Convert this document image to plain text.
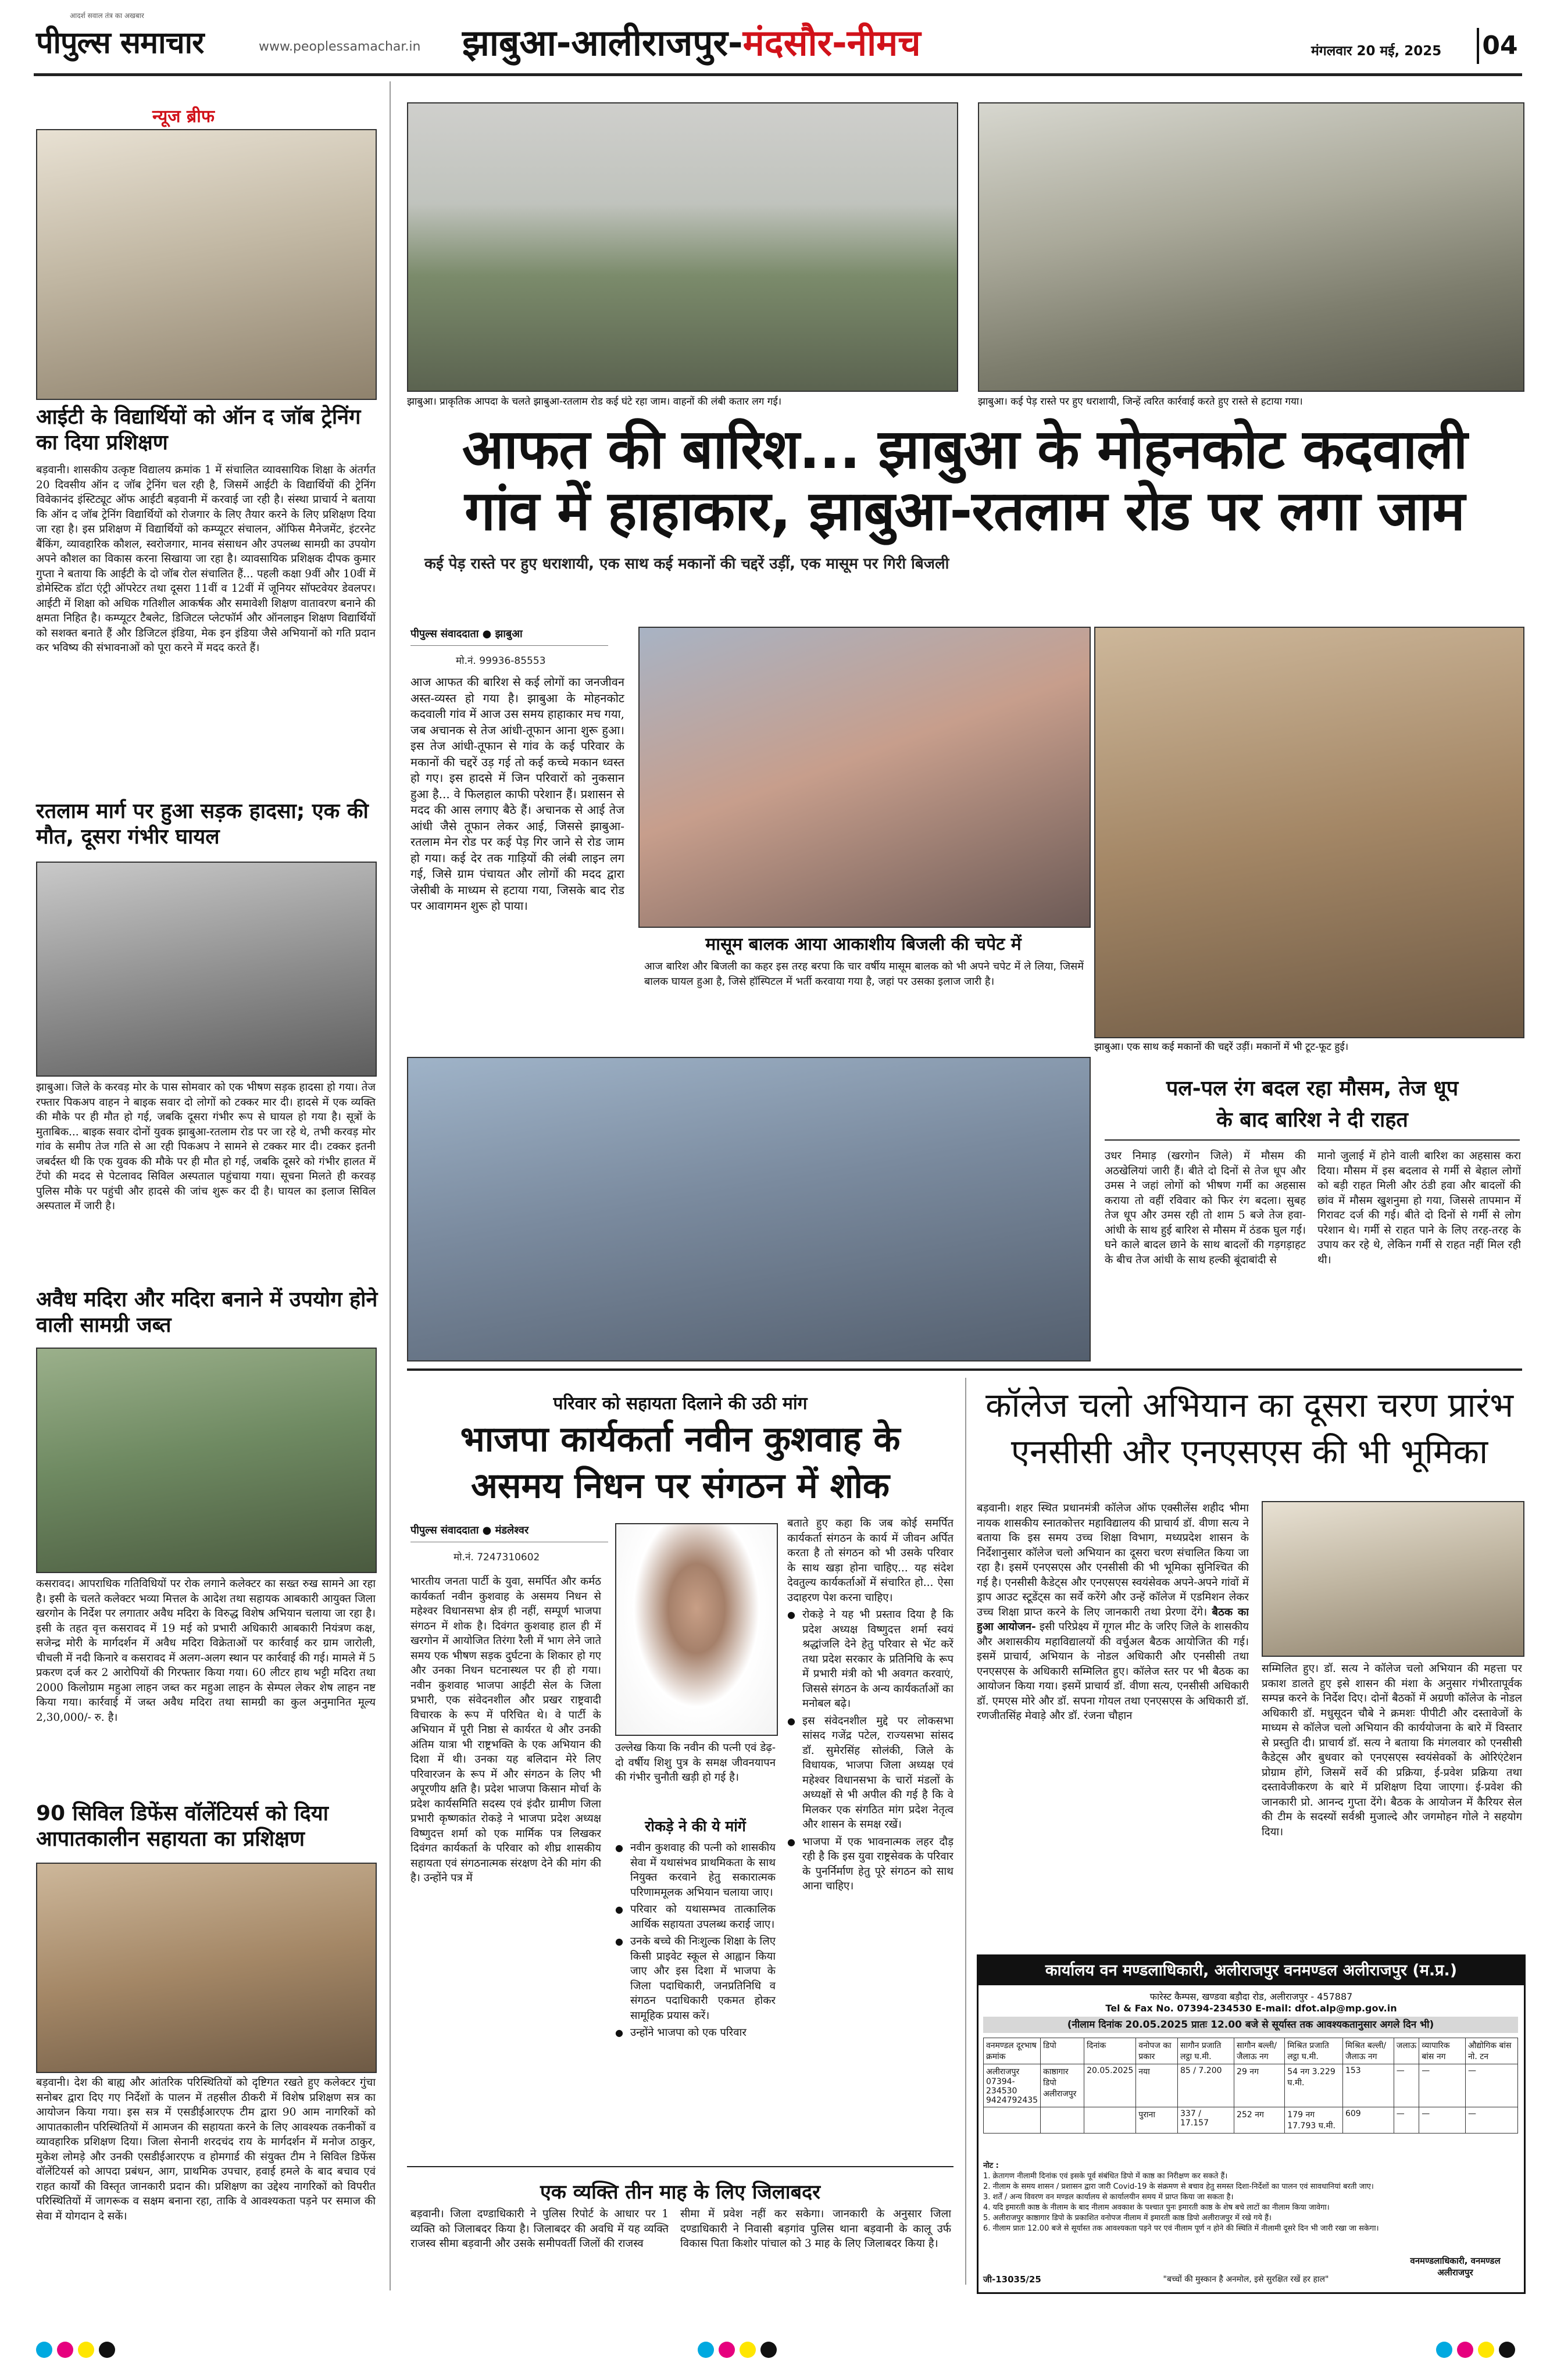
आदर्श सवाल तंत्र का अखबार
पीपुल्स समाचार	www.peoplessamachar.in झाबुआ-आलीराजपुर-मंदसौर-नीमच	मंगलवार 20 मई, 2025 04
न्यूज ब्रीफ
आईटी के विद्यार्थियों को ऑन द जॉब ट्रेनिंग का दिया प्रशिक्षण
बड़वानी। शासकीय उत्कृष्ट विद्यालय क्रमांक 1 में संचालित व्यावसायिक शिक्षा के अंतर्गत 20 दिवसीय ऑन द जॉब ट्रेनिंग चल रही है, जिसमें आईटी के विद्यार्थियों की ट्रेनिंग विवेकानंद इंस्टिट्यूट ऑफ आईटी बड़वानी में करवाई जा रही है। संस्था प्राचार्य ने बताया कि ऑन द जॉब ट्रेनिंग विद्यार्थियों को रोजगार के लिए तैयार करने के लिए प्रशिक्षण दिया जा रहा है। इस प्रशिक्षण में विद्यार्थियों को कम्प्यूटर संचालन, ऑफिस मैनेजमेंट, इंटरनेट बैंकिंग, व्यावहारिक कौशल, स्वरोजगार, मानव संसाधन और उपलब्ध सामग्री का उपयोग अपने कौशल का विकास करना सिखाया जा रहा है। व्यावसायिक प्रशिक्षक दीपक कुमार गुप्ता ने बताया कि आईटी के दो जॉब रोल संचालित हैं... पहली कक्षा 9वीं और 10वीं में डोमेस्टिक डॉटा एंट्री ऑपरेटर तथा दूसरा 11वीं व 12वीं में जूनियर सॉफ्टवेयर डेवलपर। आईटी में शिक्षा को अधिक गतिशील आकर्षक और समावेशी शिक्षण वातावरण बनाने की क्षमता निहित है। कम्प्यूटर टैबलेट, डिजिटल प्लेटफॉर्म और ऑनलाइन शिक्षण विद्यार्थियों को सशक्त बनाते हैं और डिजिटल इंडिया, मेक इन इंडिया जैसे अभियानों को गति प्रदान कर भविष्य की संभावनाओं को पूरा करने में मदद करते हैं।
रतलाम मार्ग पर हुआ सड़क हादसा; एक की मौत, दूसरा गंभीर घायल
झाबुआ। जिले के करवड़ मोर के पास सोमवार को एक भीषण सड़क हादसा हो गया। तेज रफ्तार पिकअप वाहन ने बाइक सवार दो लोगों को टक्कर मार दी। हादसे में एक व्यक्ति की मौके पर ही मौत हो गई, जबकि दूसरा गंभीर रूप से घायल हो गया है। सूत्रों के मुताबिक... बाइक सवार दोनों युवक झाबुआ-रतलाम रोड पर जा रहे थे, तभी करवड़ मोर गांव के समीप तेज गति से आ रही पिकअप ने सामने से टक्कर मार दी। टक्कर इतनी जबर्दस्त थी कि एक युवक की मौके पर ही मौत हो गई, जबकि दूसरे को गंभीर हालत में टेंपो की मदद से पेटलावद सिविल अस्पताल पहुंचाया गया। सूचना मिलते ही करवड़ पुलिस मौके पर पहुंची और हादसे की जांच शुरू कर दी है। घायल का इलाज सिविल अस्पताल में जारी है।
अवैध मदिरा और मदिरा बनाने में उपयोग होने वाली सामग्री जब्त
कसरावद। आपराधिक गतिविधियों पर रोक लगाने कलेक्टर का सख्त रुख सामने आ रहा है। इसी के चलते कलेक्टर भव्या मित्तल के आदेश तथा सहायक आबकारी आयुक्त जिला खरगोन के निर्देश पर लगातार अवैध मदिरा के विरुद्ध विशेष अभियान चलाया जा रहा है। इसी के तहत वृत्त कसरावद में 19 मई को प्रभारी अधिकारी आबकारी नियंत्रण कक्ष, सजेन्द्र मोरी के मार्गदर्शन में अवैध मदिरा विक्रेताओं पर कार्रवाई कर ग्राम जारोली, चीचली में नदी किनारे व कसरावद में अलग-अलग स्थान पर कार्रवाई की गई। मामले में 5 प्रकरण दर्ज कर 2 आरोपियों की गिरफ्तार किया गया। 60 लीटर हाथ भट्टी मदिरा तथा 2000 किलोग्राम महुआ लाहन जब्त कर महुआ लाहन के सेम्पल लेकर शेष लाहन नष्ट किया गया। कार्रवाई में जब्त अवैध मदिरा तथा सामग्री का कुल अनुमानित मूल्य 2,30,000/- रु. है।
90 सिविल डिफेंस वॉलेंटियर्स को दिया आपातकालीन सहायता का प्रशिक्षण
बड़वानी। देश की बाह्य और आंतरिक परिस्थितियों को दृष्टिगत रखते हुए कलेक्टर गुंचा सनोबर द्वारा दिए गए निर्देशों के पालन में तहसील ठीकरी में विशेष प्रशिक्षण सत्र का आयोजन किया गया। इस सत्र में एसडीईआरएफ टीम द्वारा 90 आम नागरिकों को आपातकालीन परिस्थितियों में आमजन की सहायता करने के लिए आवश्यक तकनीकों व व्यावहारिक प्रशिक्षण दिया। जिला सेनानी शरदचंद राय के मार्गदर्शन में मनोज ठाकुर, मुकेश लोमड़े और उनकी एसडीईआरएफ व होमगार्ड की संयुक्त टीम ने सिविल डिफेंस वॉलेंटियर्स को आपदा प्रबंधन, आग, प्राथमिक उपचार, हवाई हमले के बाद बचाव एवं राहत कार्यों की विस्तृत जानकारी प्रदान की। प्रशिक्षण का उद्देश्य नागरिकों को विपरीत परिस्थितियों में जागरूक व सक्षम बनाना रहा, ताकि वे आवश्यकता पड़ने पर समाज की सेवा में योगदान दे सकें।
झाबुआ। प्राकृतिक आपदा के चलते झाबुआ-रतलाम रोड कई घंटे रहा जाम। वाहनों की लंबी कतार लग गई।	झाबुआ। कई पेड़ रास्ते पर हुए धराशायी, जिन्हें त्वरित कार्रवाई करते हुए रास्ते से हटाया गया।
आफत की बारिश... झाबुआ के मोहनकोट कदवाली
गांव में हाहाकार, झाबुआ-रतलाम रोड पर लगा जाम
कई पेड़ रास्ते पर हुए धराशायी, एक साथ कई मकानों की चद्दरें उड़ीं, एक मासूम पर गिरी बिजली
पीपुल्स संवाददाता ● झाबुआ
मो.नं. 99936-85553
आज आफत की बारिश से कई लोगों का जनजीवन अस्त-व्यस्त हो गया है। झाबुआ के मोहनकोट कदवाली गांव में आज उस समय हाहाकार मच गया, जब अचानक से तेज आंधी-तूफान आना शुरू हुआ। इस तेज आंधी-तूफान से गांव के कई परिवार के मकानों की चद्दरें उड़ गई तो कई कच्चे मकान ध्वस्त हो गए। इस हादसे में जिन परिवारों को नुकसान हुआ है... वे फिलहाल काफी परेशान हैं। प्रशासन से मदद की आस लगाए बैठे हैं। अचानक से आई तेज आंधी जैसे तूफान लेकर आई, जिससे झाबुआ-रतलाम मेन रोड पर कई पेड़ गिर जाने से रोड जाम हो गया। कई देर तक गाड़ियों की लंबी लाइन लग गई, जिसे ग्राम पंचायत और लोगों की मदद द्वारा जेसीबी के माध्यम से हटाया गया, जिसके बाद रोड पर आवागमन शुरू हो पाया।
मासूम बालक आया आकाशीय बिजली की चपेट में
आज बारिश और बिजली का कहर इस तरह बरपा कि चार वर्षीय मासूम बालक को भी अपने चपेट में ले लिया, जिसमें बालक घायल हुआ है, जिसे हॉस्पिटल में भर्ती करवाया गया है, जहां पर उसका इलाज जारी है।
झाबुआ। एक साथ कई मकानों की चद्दरें उड़ीं। मकानों में भी टूट-फूट हुई।
पल-पल रंग बदल रहा मौसम, तेज धूप
के बाद बारिश ने दी राहत
उधर निमाड़ (खरगोन जिले) में मौसम की अठखेलियां जारी हैं। बीते दो दिनों से तेज धूप और उमस ने जहां लोगों को भीषण गर्मी का अहसास कराया तो वहीं रविवार को फिर रंग बदला। सुबह तेज धूप और उमस रही तो शाम 5 बजे तेज हवा-आंधी के साथ हुई बारिश से मौसम में ठंडक घुल गई। घने काले बादल छाने के साथ बादलों की गड़गड़ाहट के बीच तेज आंधी के साथ हल्की बूंदाबांदी से
मानो जुलाई में होने वाली बारिश का अहसास करा दिया। मौसम में इस बदलाव से गर्मी से बेहाल लोगों को बड़ी राहत मिली और ठंडी हवा और बादलों की छांव में मौसम खुशनुमा हो गया, जिससे तापमान में गिरावट दर्ज की गई। बीते दो दिनों से गर्मी से लोग परेशान थे। गर्मी से राहत पाने के लिए तरह-तरह के उपाय कर रहे थे, लेकिन गर्मी से राहत नहीं मिल रही थी।
परिवार को सहायता दिलाने की उठी मांग
भाजपा कार्यकर्ता नवीन कुशवाह के
असमय निधन पर संगठन में शोक
पीपुल्स संवाददाता ● मंडलेश्वर
मो.नं. 7247310602
भारतीय जनता पार्टी के युवा, समर्पित और कर्मठ कार्यकर्ता नवीन कुशवाह के असमय निधन से महेश्वर विधानसभा क्षेत्र ही नहीं, सम्पूर्ण भाजपा संगठन में शोक है। दिवंगत कुशवाह हाल ही में खरगोन में आयोजित तिरंगा रैली में भाग लेने जाते समय एक भीषण सड़क दुर्घटना के शिकार हो गए और उनका निधन घटनास्थल पर ही हो गया। नवीन कुशवाह भाजपा आईटी सेल के जिला प्रभारी, एक संवेदनशील और प्रखर राष्ट्रवादी विचारक के रूप में परिचित थे। वे पार्टी के अभियान में पूरी निष्ठा से कार्यरत थे और उनकी अंतिम यात्रा भी राष्ट्रभक्ति के एक अभियान की दिशा में थी। उनका यह बलिदान मेरे लिए परिवारजन के रूप में और संगठन के लिए भी अपूरणीय क्षति है। प्रदेश भाजपा किसान मोर्चा के प्रदेश कार्यसमिति सदस्य एवं इंदौर ग्रामीण जिला प्रभारी कृष्णकांत रोकड़े ने भाजपा प्रदेश अध्यक्ष विष्णुदत्त शर्मा को एक मार्मिक पत्र लिखकर दिवंगत कार्यकर्ता के परिवार को शीघ्र शासकीय सहायता एवं संगठनात्मक संरक्षण देने की मांग की है। उन्होंने पत्र में
उल्लेख किया कि नवीन की पत्नी एवं डेढ़-दो वर्षीय शिशु पुत्र के समक्ष जीवनयापन की गंभीर चुनौती खड़ी हो गई है।
रोकड़े ने की ये मांगें
● नवीन कुशवाह की पत्नी को शासकीय सेवा में यथासंभव प्राथमिकता के साथ नियुक्त करवाने हेतु सकारात्मक परिणाममूलक अभियान चलाया जाए।
● परिवार को यथासम्भव तात्कालिक आर्थिक सहायता उपलब्ध कराई जाए।
● उनके बच्चे की निःशुल्क शिक्षा के लिए किसी प्राइवेट स्कूल से आह्वान किया जाए और इस दिशा में भाजपा के जिला पदाधिकारी, जनप्रतिनिधि व संगठन पदाधिकारी एकमत होकर सामूहिक प्रयास करें।
● उन्होंने भाजपा को एक परिवार
बताते हुए कहा कि जब कोई समर्पित कार्यकर्ता संगठन के कार्य में जीवन अर्पित करता है तो संगठन को भी उसके परिवार के साथ खड़ा होना चाहिए... यह संदेश देवतुल्य कार्यकर्ताओं में संचारित हो... ऐसा उदाहरण पेश करना चाहिए।
● रोकड़े ने यह भी प्रस्ताव दिया है कि प्रदेश अध्यक्ष विष्णुदत्त शर्मा स्वयं श्रद्धांजलि देने हेतु परिवार से भेंट करें तथा प्रदेश सरकार के प्रतिनिधि के रूप में प्रभारी मंत्री को भी अवगत करवाएं, जिससे संगठन के अन्य कार्यकर्ताओं का मनोबल बढ़े।
● इस संवेदनशील मुद्दे पर लोकसभा सांसद गजेंद्र पटेल, राज्यसभा सांसद डॉ. सुमेरसिंह सोलंकी, जिले के विधायक, भाजपा जिला अध्यक्ष एवं महेश्वर विधानसभा के चारों मंडलों के अध्यक्षों से भी अपील की गई है कि वे मिलकर एक संगठित मांग प्रदेश नेतृत्व और शासन के समक्ष रखें।
● भाजपा में एक भावनात्मक लहर दौड़ रही है कि इस युवा राष्ट्रसेवक के परिवार के पुनर्निर्माण हेतु पूरे संगठन को साथ आना चाहिए।
एक व्यक्ति तीन माह के लिए जिलाबदर
बड़वानी। जिला दण्डाधिकारी ने पुलिस रिपोर्ट के आधार पर 1 व्यक्ति को जिलाबदर किया है। जिलाबदर की अवधि में यह व्यक्ति राजस्व सीमा बड़वानी और उसके समीपवर्ती जिलों की राजस्व
सीमा में प्रवेश नहीं कर सकेगा। जानकारी के अनुसार जिला दण्डाधिकारी ने निवासी बड़गांव पुलिस थाना बड़वानी के कालू उर्फ विकास पिता किशोर पांचाल को 3 माह के लिए जिलाबदर किया है।
कॉलेज चलो अभियान का दूसरा चरण प्रारंभ
एनसीसी और एनएसएस की भी भूमिका
बड़वानी। शहर स्थित प्रधानमंत्री कॉलेज ऑफ एक्सीलेंस शहीद भीमा नायक शासकीय स्नातकोत्तर महाविद्यालय की प्राचार्य डॉ. वीणा सत्य ने बताया कि इस समय उच्च शिक्षा विभाग, मध्यप्रदेश शासन के निर्देशानुसार कॉलेज चलो अभियान का दूसरा चरण संचालित किया जा रहा है। इसमें एनएसएस और एनसीसी की भी भूमिका सुनिश्चित की गई है। एनसीसी कैडेट्स और एनएसएस स्वयंसेवक अपने-अपने गांवों में ड्राप आउट स्टूडेंट्स का सर्वे करेंगे और उन्हें कॉलेज में एडमिशन लेकर उच्च शिक्षा प्राप्त करने के लिए जानकारी तथा प्रेरणा देंगे। बैठक का हुआ आयोजन- इसी परिप्रेक्ष्य में गूगल मीट के जरिए जिले के शासकीय और अशासकीय महाविद्यालयों की वर्चुअल बैठक आयोजित की गई। इसमें प्राचार्य, अभियान के नोडल अधिकारी और एनसीसी तथा एनएसएस के अधिकारी सम्मिलित हुए। कॉलेज स्तर पर भी बैठक का आयोजन किया गया। इसमें प्राचार्य डॉ. वीणा सत्य, एनसीसी अधिकारी डॉ. एमएस मोरे और डॉ. सपना गोयल तथा एनएसएस के अधिकारी डॉ. रणजीतसिंह मेवाड़े और डॉ. रंजना चौहान
सम्मिलित हुए। डॉ. सत्य ने कॉलेज चलो अभियान की महत्ता पर प्रकाश डालते हुए इसे शासन की मंशा के अनुसार गंभीरतापूर्वक सम्पन्न करने के निर्देश दिए। दोनों बैठकों में अग्रणी कॉलेज के नोडल अधिकारी डॉ. मधुसूदन चौबे ने क्रमशः पीपीटी और दस्तावेजों के माध्यम से कॉलेज चलो अभियान की कार्ययोजना के बारे में विस्तार से प्रस्तुति दी। प्राचार्य डॉ. सत्य ने बताया कि मंगलवार को एनसीसी कैडेट्स और बुधवार को एनएसएस स्वयंसेवकों के ओरिएंटेशन प्रोग्राम होंगे, जिसमें सर्वे की प्रक्रिया, ई-प्रवेश प्रक्रिया तथा दस्तावेजीकरण के बारे में प्रशिक्षण दिया जाएगा। ई-प्रवेश की जानकारी प्रो. आनन्द गुप्ता देंगे। बैठक के आयोजन में कैरियर सेल की टीम के सदस्यों सर्वश्री मुजाल्दे और जगमोहन गोले ने सहयोग दिया।
कार्यालय वन मण्डलाधिकारी, अलीराजपुर वनमण्डल अलीराजपुर (म.प्र.)
फारेस्ट कैम्पस, खण्डवा बड़ौदा रोड, अलीराजपुर - 457887
Tel & Fax No. 07394-234530 E-mail: dfot.alp@mp.gov.in
(नीलाम दिनांक 20.05.2025 प्रातः 12.00 बजे से सूर्यास्त तक आवश्यकतानुसार अगले दिन भी)
वनमण्डल दूरभाष क्रमांक	डिपो	दिनांक	वनोपज का प्रकार	सागौन प्रजाति लट्ठा घ.मी.	सागौन बल्ली/जैलाऊ नग	मिश्रित प्रजाति लट्ठा घ.मी.	मिश्रित बल्ली/जैलाऊ नग	जलाऊ	व्यापारिक बांस नग	औद्योगिक बांस नो. टन
अलीराजपुर 07394-234530 9424792435	काष्ठागार डिपो अलीराजपुर	20.05.2025	नया	85 / 7.200	29 नग	54 नग 3.229 घ.मी.	153	—	—	—
			पुराना	337 / 17.157	252 नग	179 नग 17.793 घ.मी.	609	—	—	—
नोट :
1. क्रेतागण नीलामी दिनांक एवं इसके पूर्व संबंधित डिपो में काष्ठ का निरीक्षण कर सकते हैं।
2. नीलाम के समय शासन / प्रशासन द्वारा जारी Covid-19 के संक्रमण से बचाव हेतु समस्त दिशा-निर्देशों का पालन एवं सावधानियां बरती जाए।
3. शर्तें / अन्य विवरण वन मण्डल कार्यालय से कार्यालयीन समय में प्राप्त किया जा सकता है।
4. यदि इमारती काष्ठ के नीलाम के बाद नीलाम अवकाश के पश्चात पुनः इमारती काष्ठ के शेष बचे लाटों का नीलाम किया जावेगा।
5. अलीराजपुर काष्ठागार डिपो के प्रकाशित वनोपज नीलाम में इमारती काष्ठ डिपो अलीराजपुर में रखे गये हैं।
6. नीलाम प्रातः 12.00 बजे से सूर्यास्त तक आवश्यकता पड़ने पर एवं नीलाम पूर्ण न होने की स्थिति में नीलामी दूसरे दिन भी जारी रखा जा सकेगा।
वनमण्डलाधिकारी, वनमण्डल अलीराजपुर
जी-13035/25	"बच्चों की मुस्कान है अनमोल, इसे सुरक्षित रखें हर हाल"
